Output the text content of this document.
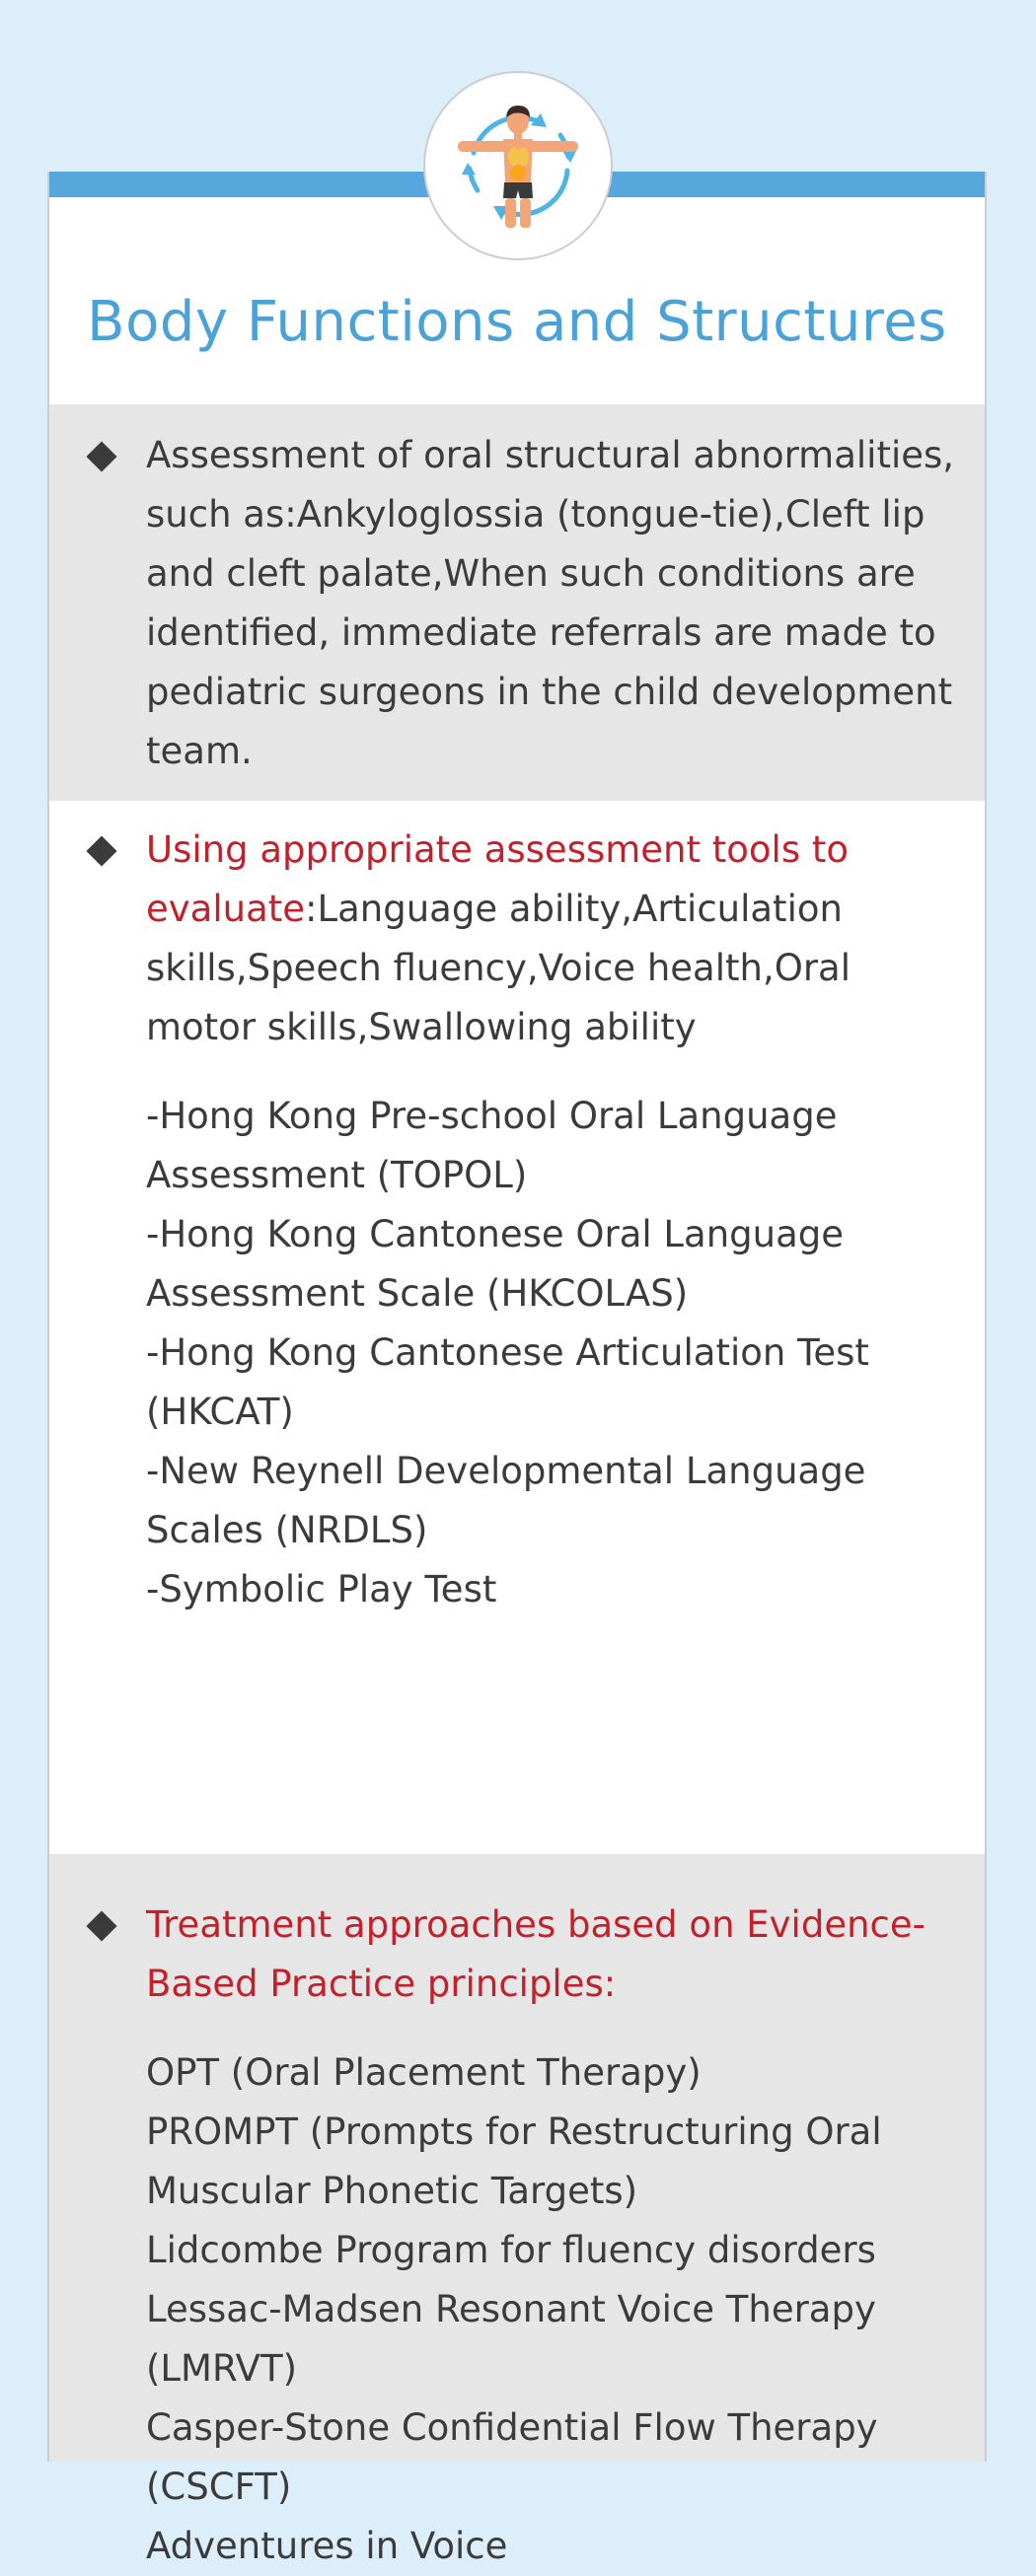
Body Functions and Structures

Assessment of oral structural abnormalities, such as:Ankyloglossia (tongue-tie),Cleft lip and cleft palate,When such conditions are identified, immediate referrals are made to pediatric surgeons in the child development team.

Using appropriate assessment tools to evaluate:Language ability,Articulation skills,Speech fluency,Voice health,Oral motor skills,Swallowing ability

-Hong Kong Pre-school Oral Language Assessment (TOPOL)
-Hong Kong Cantonese Oral Language Assessment Scale (HKCOLAS)
-Hong Kong Cantonese Articulation Test (HKCAT)
-New Reynell Developmental Language Scales (NRDLS)
-Symbolic Play Test

Treatment approaches based on Evidence-Based Practice principles:

OPT (Oral Placement Therapy)
PROMPT (Prompts for Restructuring Oral Muscular Phonetic Targets)
Lidcombe Program for fluency disorders
Lessac-Madsen Resonant Voice Therapy (LMRVT)
Casper-Stone Confidential Flow Therapy (CSCFT)
Adventures in Voice
